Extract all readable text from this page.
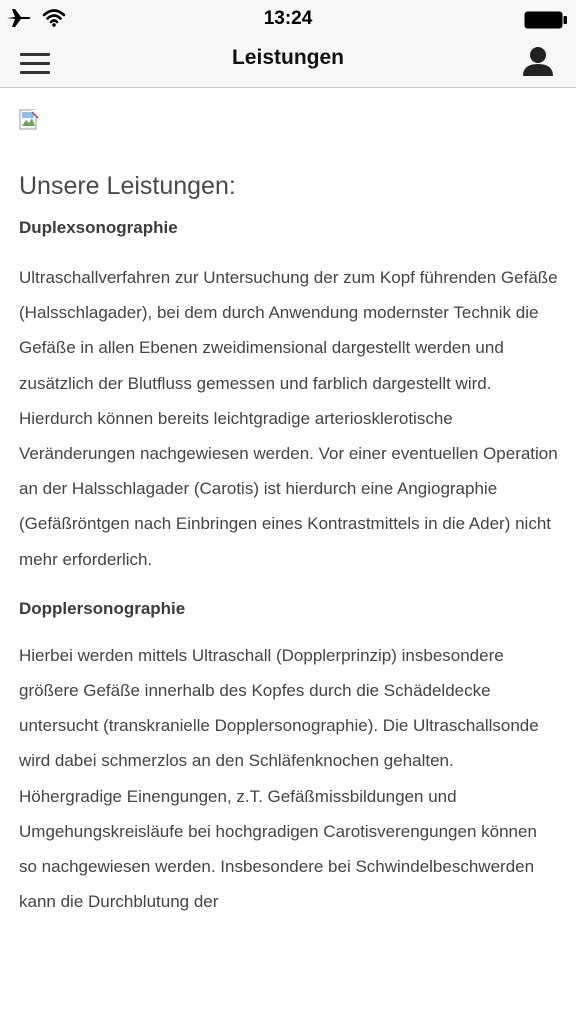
13:24
Leistungen
Unsere Leistungen:
Duplexsonographie

Ultraschallverfahren zur Untersuchung der zum Kopf führenden Gefäße (Halsschlagader), bei dem durch Anwendung modernster Technik die Gefäße in allen Ebenen zweidimensional dargestellt werden und zusätzlich der Blutfluss gemessen und farblich dargestellt wird. Hierdurch können bereits leichtgradige arteriosklerotische Veränderungen nachgewiesen werden. Vor einer eventuellen Operation an der Halsschlagader (Carotis) ist hierdurch eine Angiographie (Gefäßröntgen nach Einbringen eines Kontrastmittels in die Ader) nicht mehr erforderlich.

Dopplersonographie

Hierbei werden mittels Ultraschall (Dopplerprinzip) insbesondere größere Gefäße innerhalb des Kopfes durch die Schädeldecke untersucht (transkranielle Dopplersonographie). Die Ultraschallsonde wird dabei schmerzlos an den Schläfenknochen gehalten. Höhergradige Einengungen, z.T. Gefäßmissbildungen und Umgehungskreisläufe bei hochgradigen Carotisverengungen können so nachgewiesen werden. Insbesondere bei Schwindelbeschwerden kann die Durchblutung der
